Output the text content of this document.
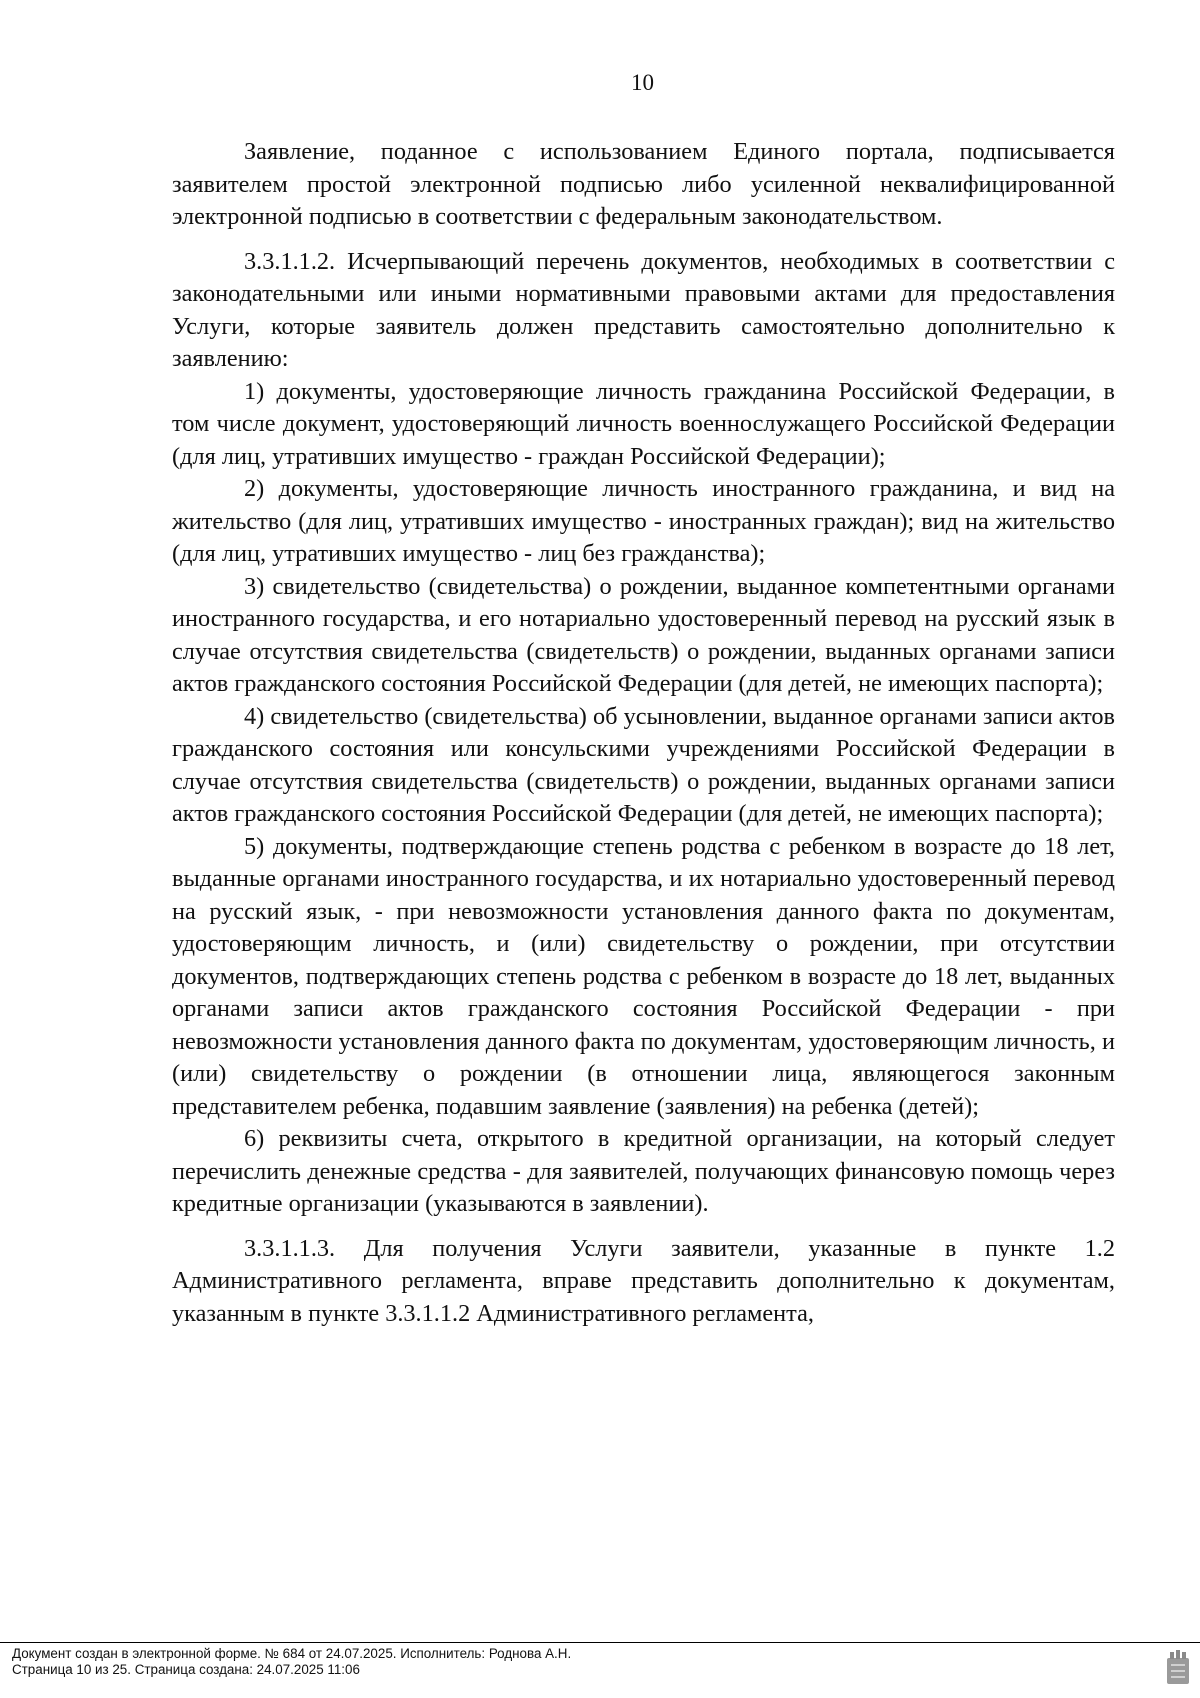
10

Заявление, поданное с использованием Единого портала, подписывается заявителем простой электронной подписью либо усиленной неквалифицированной электронной подписью в соответствии с федеральным законодательством.

3.3.1.1.2. Исчерпывающий перечень документов, необходимых в соответствии с законодательными или иными нормативными правовыми актами для предоставления Услуги, которые заявитель должен представить самостоятельно дополнительно к заявлению:

1) документы, удостоверяющие личность гражданина Российской Федерации, в том числе документ, удостоверяющий личность военнослужащего Российской Федерации (для лиц, утративших имущество - граждан Российской Федерации);

2) документы, удостоверяющие личность иностранного гражданина, и вид на жительство (для лиц, утративших имущество - иностранных граждан); вид на жительство (для лиц, утративших имущество - лиц без гражданства);

3) свидетельство (свидетельства) о рождении, выданное компетентными органами иностранного государства, и его нотариально удостоверенный перевод на русский язык в случае отсутствия свидетельства (свидетельств) о рождении, выданных органами записи актов гражданского состояния Российской Федерации (для детей, не имеющих паспорта);

4) свидетельство (свидетельства) об усыновлении, выданное органами записи актов гражданского состояния или консульскими учреждениями Российской Федерации в случае отсутствия свидетельства (свидетельств) о рождении, выданных органами записи актов гражданского состояния Российской Федерации (для детей, не имеющих паспорта);

5) документы, подтверждающие степень родства с ребенком в возрасте до 18 лет, выданные органами иностранного государства, и их нотариально удостоверенный перевод на русский язык, - при невозможности установления данного факта по документам, удостоверяющим личность, и (или) свидетельству о рождении, при отсутствии документов, подтверждающих степень родства с ребенком в возрасте до 18 лет, выданных органами записи актов гражданского состояния Российской Федерации - при невозможности установления данного факта по документам, удостоверяющим личность, и (или) свидетельству о рождении (в отношении лица, являющегося законным представителем ребенка, подавшим заявление (заявления) на ребенка (детей);

6) реквизиты счета, открытого в кредитной организации, на который следует перечислить денежные средства - для заявителей, получающих финансовую помощь через кредитные организации (указываются в заявлении).

3.3.1.1.3. Для получения Услуги заявители, указанные в пункте 1.2 Административного регламента, вправе представить дополнительно к документам, указанным в пункте 3.3.1.1.2 Административного регламента,

Документ создан в электронной форме. № 684 от 24.07.2025. Исполнитель: Роднова А.Н.
Страница 10 из 25. Страница создана: 24.07.2025 11:06
